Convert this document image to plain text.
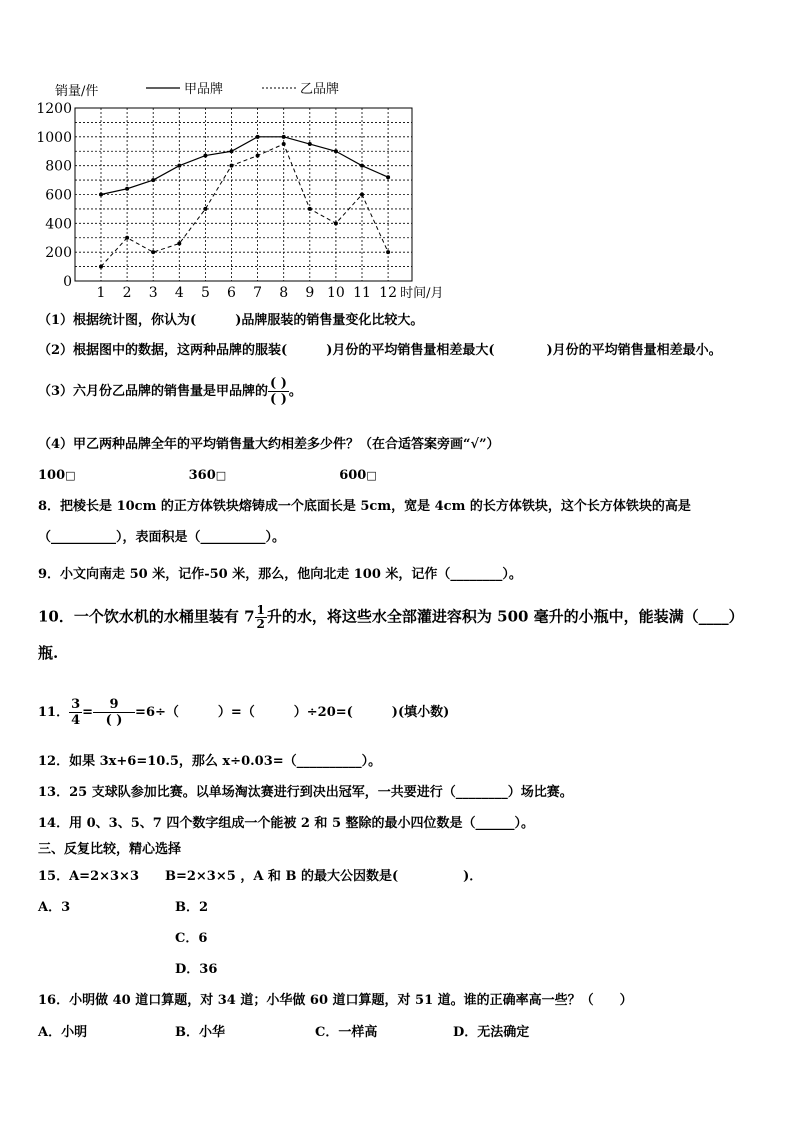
销量/件	甲品牌	乙品牌
0
200
400
600
800
1000
1200
1 2 3 4 5 6 7 8 9 10 11 12 时间/月
（1）根据统计图，你认为(　　　)品牌服装的销售量变化比较大。
（2）根据图中的数据，这两种品牌的服装(　　　)月份的平均销售量相差最大(　　　　)月份的平均销售量相差最小。
（3）六月份乙品牌的销售量是甲品牌的 $\frac{( )}{( )}$ 。
（4）甲乙两种品牌全年的平均销售量大约相差多少件？（在合适答案旁画“√”）
100□	360□	600□
8．把棱长是 10cm 的正方体铁块熔铸成一个底面长是 5cm，宽是 4cm 的长方体铁块，这个长方体铁块的高是
（__________），表面积是（__________）。
9．小文向南走 50 米，记作-50 米，那么，他向北走 100 米，记作（________）。
10．一个饮水机的水桶里装有 $7 \frac{1}{2}$ 升的水，将这些水全部灌进容积为 500 毫升的小瓶中，能装满（____）
瓶.
11． $\frac{3}{4} = \frac{9}{( )} =6\div$（　　　）=（　　　）÷20=(　　　)(填小数)
12．如果 3x+6=10.5，那么 x÷0.03=（__________）。
13．25 支球队参加比赛。以单场淘汰赛进行到决出冠军，一共要进行（________）场比赛。
14．用 0、3、5、7 四个数字组成一个能被 2 和 5 整除的最小四位数是（______）。
三、反复比较，精心选择
15．A=2×3×3　　B=2×3×5 ，A 和 B 的最大公因数是(　　　　　)．
A．3	B．2
C．6
D．36
16．小明做 40 道口算题，对 34 道；小华做 60 道口算题，对 51 道。谁的正确率高一些？（　　）
A．小明	B．小华	C．一样高	D．无法确定
